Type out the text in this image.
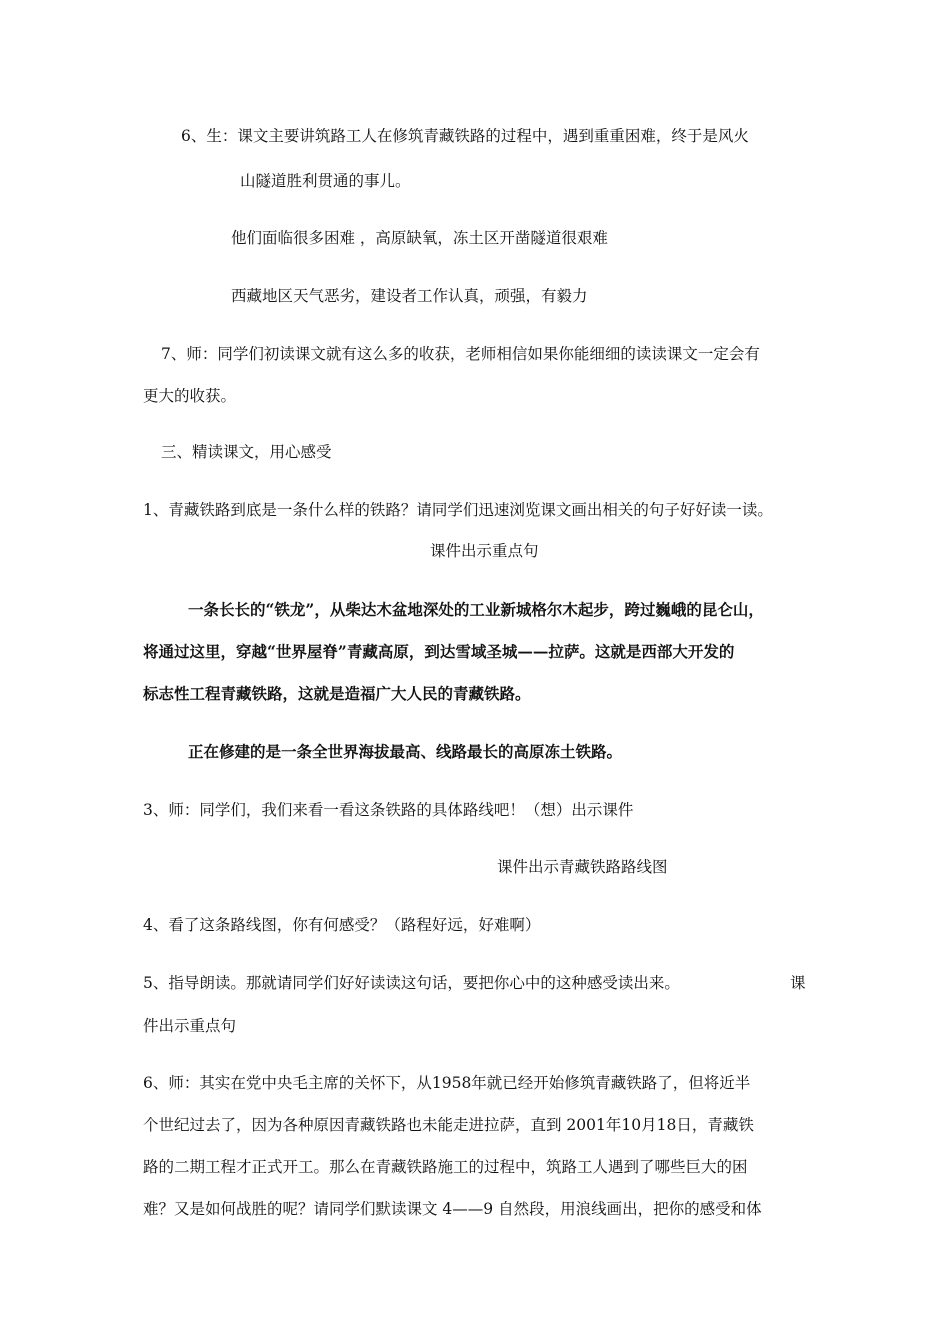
6、生：课文主要讲筑路工人在修筑青藏铁路的过程中，遇到重重困难，终于是风火

山隧道胜利贯通的事儿。

他们面临很多困难 ，高原缺氧，冻土区开凿隧道很艰难

西藏地区天气恶劣，建设者工作认真，顽强，有毅力

7、师：同学们初读课文就有这么多的收获，老师相信如果你能细细的读读课文一定会有

更大的收获。

三、精读课文，用心感受

1、青藏铁路到底是一条什么样的铁路？请同学们迅速浏览课文画出相关的句子好好读一读。

课件出示重点句

一条长长的“铁龙”，从柴达木盆地深处的工业新城格尔木起步，跨过巍峨的昆仑山，

将通过这里，穿越“世界屋脊”青藏高原，到达雪域圣城——拉萨。这就是西部大开发的

标志性工程青藏铁路，这就是造福广大人民的青藏铁路。

正在修建的是一条全世界海拔最高、线路最长的高原冻土铁路。

3、师：同学们，我们来看一看这条铁路的具体路线吧！（想）出示课件

课件出示青藏铁路路线图

4、看了这条路线图，你有何感受？（路程好远，好难啊）

5、指导朗读。那就请同学们好好读读这句话，要把你心中的这种感受读出来。	课

件出示重点句

6、师：其实在党中央毛主席的关怀下，从1958年就已经开始修筑青藏铁路了，但将近半

个世纪过去了，因为各种原因青藏铁路也未能走进拉萨，直到 2001年10月18日，青藏铁

路的二期工程才正式开工。那么在青藏铁路施工的过程中，筑路工人遇到了哪些巨大的困

难？又是如何战胜的呢？请同学们默读课文 4——9 自然段，用浪线画出，把你的感受和体
